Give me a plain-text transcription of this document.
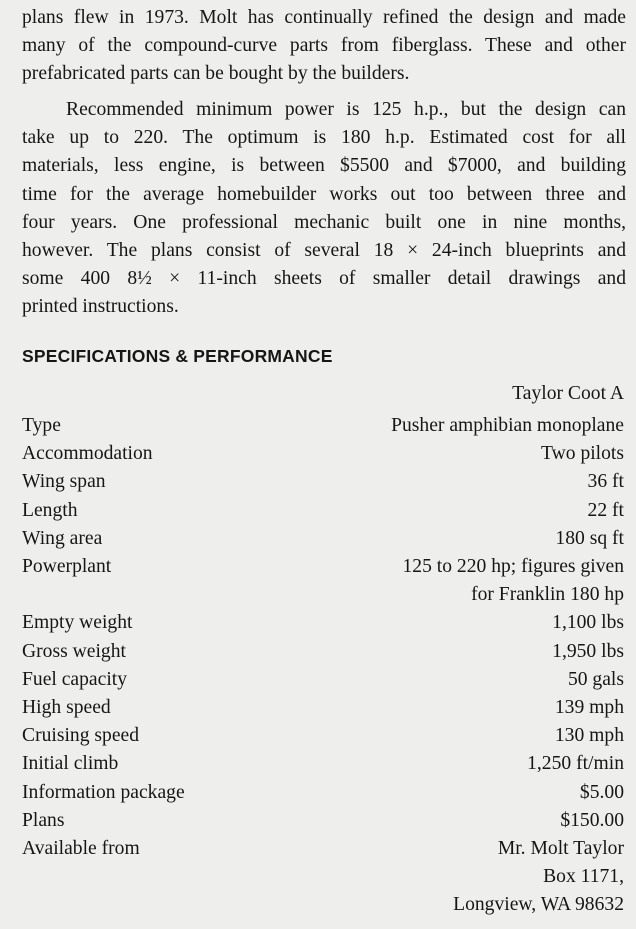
plans flew in 1973. Molt has continually refined the design and made
many of the compound-curve parts from fiberglass. These and other
prefabricated parts can be bought by the builders.

Recommended minimum power is 125 h.p., but the design can
take up to 220. The optimum is 180 h.p. Estimated cost for all
materials, less engine, is between $5500 and $7000, and building
time for the average homebuilder works out too between three and
four years. One professional mechanic built one in nine months,
however. The plans consist of several 18 × 24-inch blueprints and
some 400 8½ × 11-inch sheets of smaller detail drawings and
printed instructions.

SPECIFICATIONS & PERFORMANCE
Taylor Coot A
Type	Pusher amphibian monoplane
Accommodation	Two pilots
Wing span	36 ft
Length	22 ft
Wing area	180 sq ft
Powerplant	125 to 220 hp; figures given
for Franklin 180 hp
Empty weight	1,100 lbs
Gross weight	1,950 lbs
Fuel capacity	50 gals
High speed	139 mph
Cruising speed	130 mph
Initial climb	1,250 ft/min
Information package	$5.00
Plans	$150.00
Available from	Mr. Molt Taylor
Box 1171,
Longview, WA 98632
